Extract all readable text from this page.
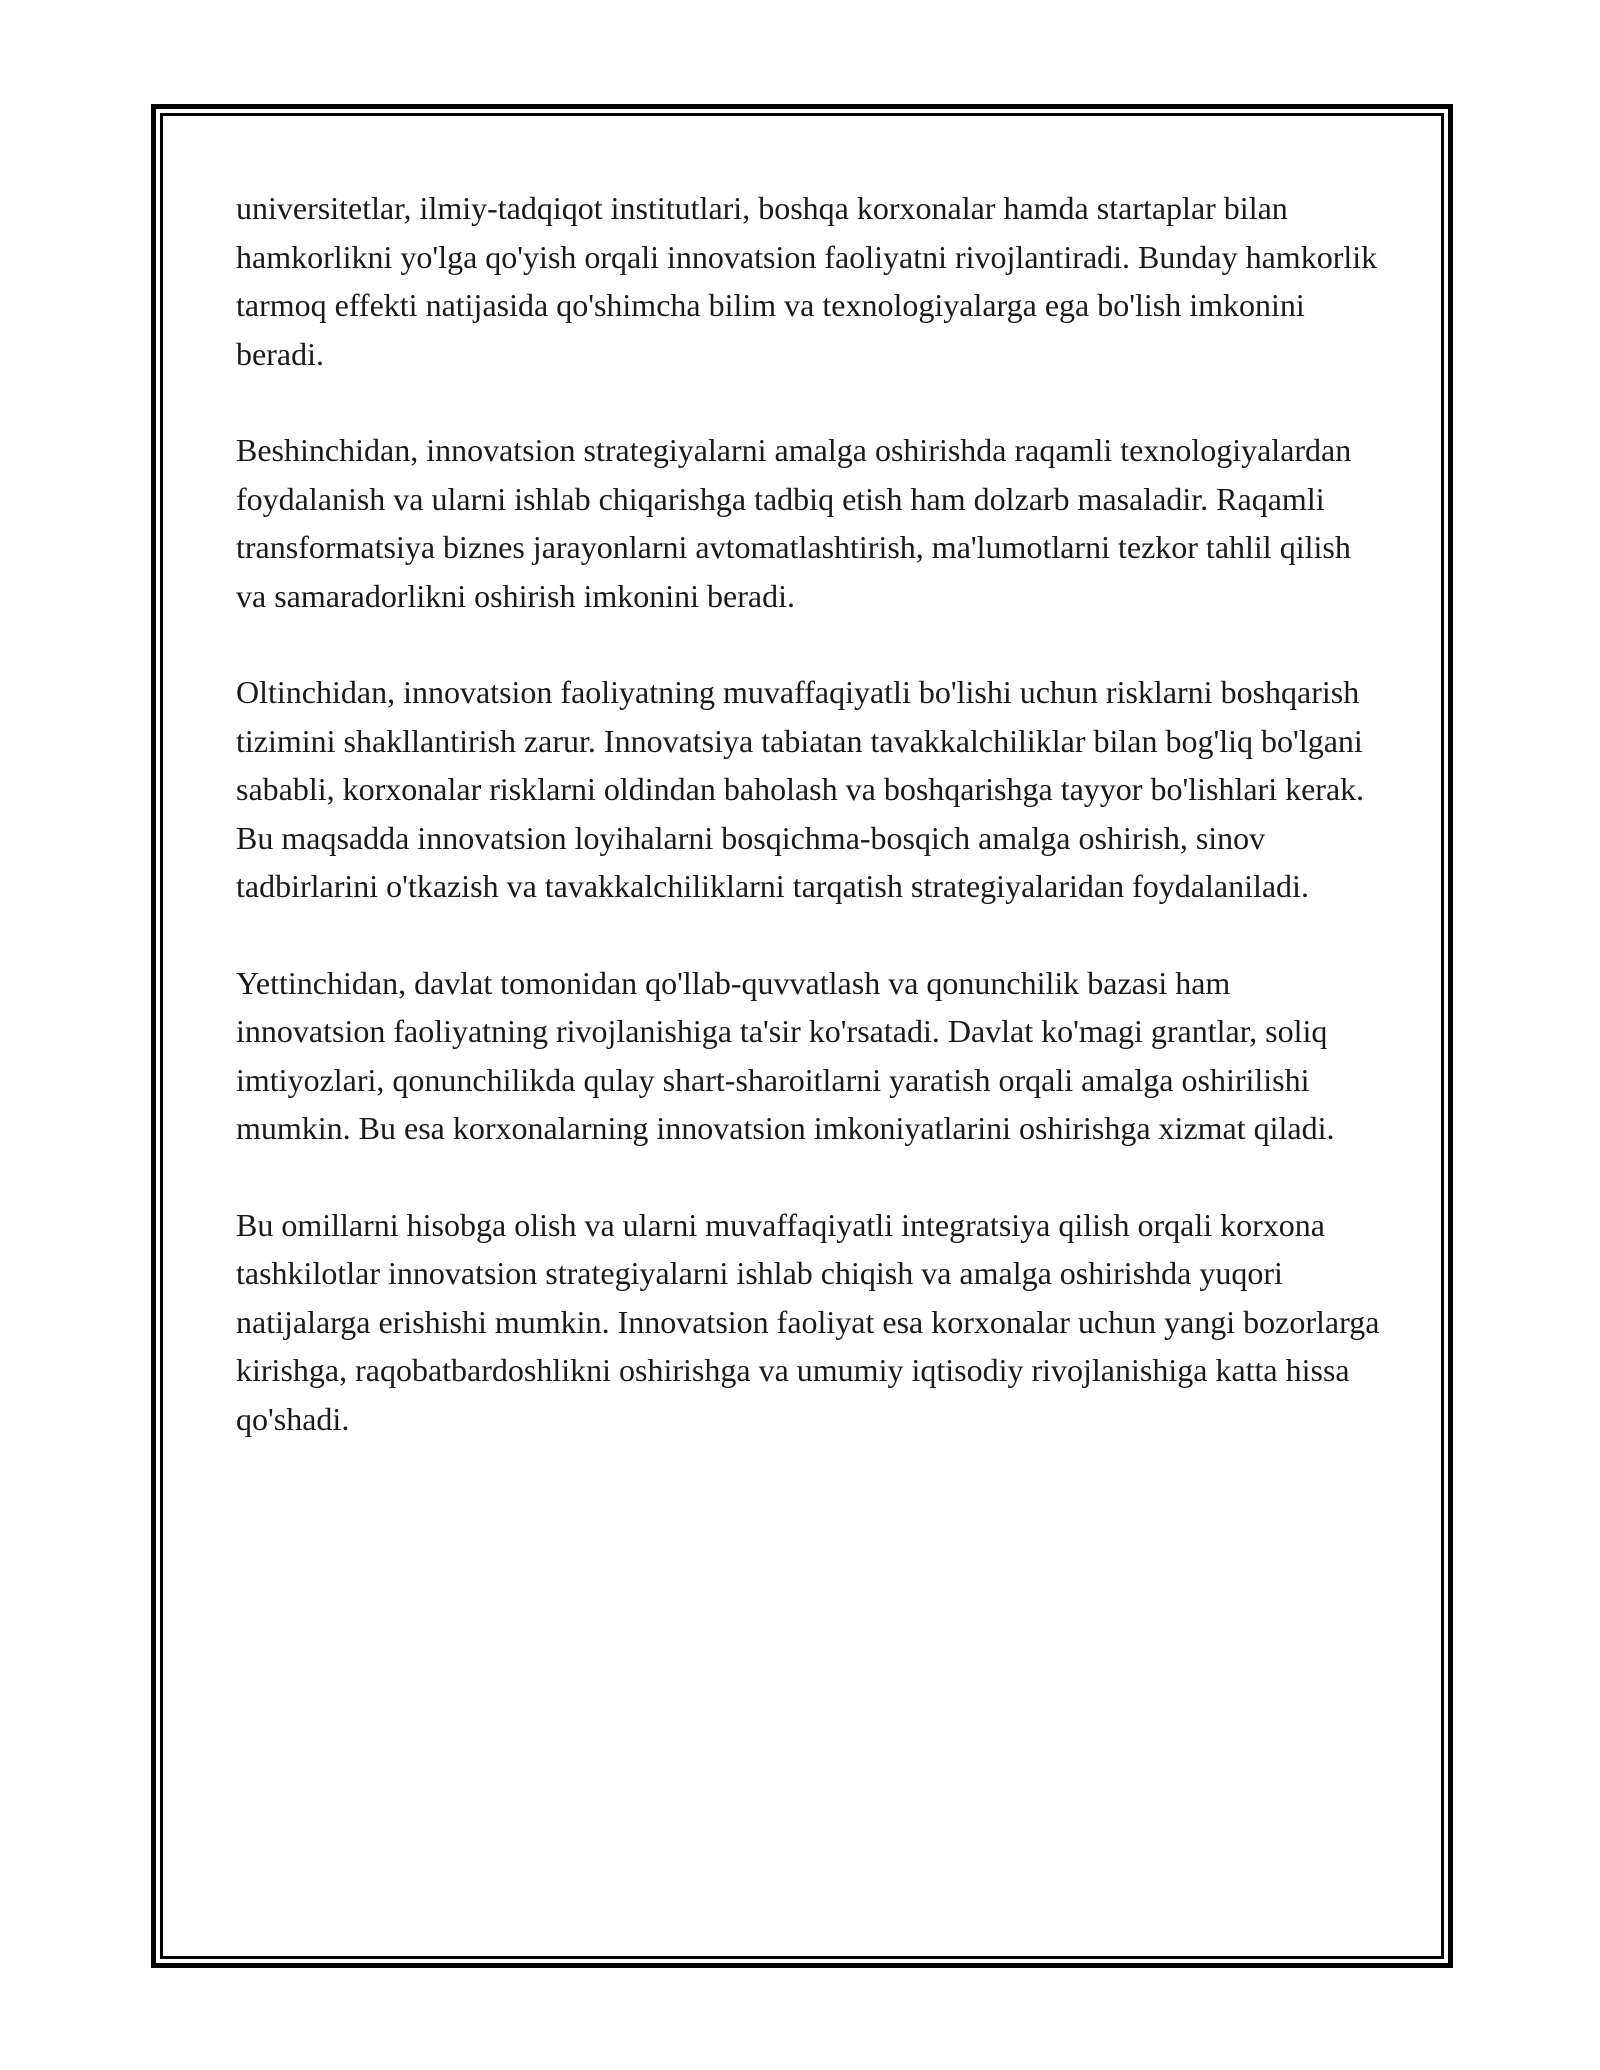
universitetlar, ilmiy-tadqiqot institutlari, boshqa korxonalar hamda startaplar bilan hamkorlikni yo'lga qo'yish orqali innovatsion faoliyatni rivojlantiradi. Bunday hamkorlik tarmoq effekti natijasida qo'shimcha bilim va texnologiyalarga ega bo'lish imkonini beradi.

Beshinchidan, innovatsion strategiyalarni amalga oshirishda raqamli texnologiyalardan foydalanish va ularni ishlab chiqarishga tadbiq etish ham dolzarb masaladir. Raqamli transformatsiya biznes jarayonlarni avtomatlashtirish, ma'lumotlarni tezkor tahlil qilish va samaradorlikni oshirish imkonini beradi.

Oltinchidan, innovatsion faoliyatning muvaffaqiyatli bo'lishi uchun risklarni boshqarish tizimini shakllantirish zarur. Innovatsiya tabiatan tavakkalchiliklar bilan bog'liq bo'lgani sababli, korxonalar risklarni oldindan baholash va boshqarishga tayyor bo'lishlari kerak. Bu maqsadda innovatsion loyihalarni bosqichma-bosqich amalga oshirish, sinov tadbirlarini o'tkazish va tavakkalchiliklarni tarqatish strategiyalaridan foydalaniladi.

Yettinchidan, davlat tomonidan qo'llab-quvvatlash va qonunchilik bazasi ham innovatsion faoliyatning rivojlanishiga ta'sir ko'rsatadi. Davlat ko'magi grantlar, soliq imtiyozlari, qonunchilikda qulay shart-sharoitlarni yaratish orqali amalga oshirilishi mumkin. Bu esa korxonalarning innovatsion imkoniyatlarini oshirishga xizmat qiladi.

Bu omillarni hisobga olish va ularni muvaffaqiyatli integratsiya qilish orqali korxona tashkilotlar innovatsion strategiyalarni ishlab chiqish va amalga oshirishda yuqori natijalarga erishishi mumkin. Innovatsion faoliyat esa korxonalar uchun yangi bozorlarga kirishga, raqobatbardoshlikni oshirishga va umumiy iqtisodiy rivojlanishiga katta hissa qo'shadi.
